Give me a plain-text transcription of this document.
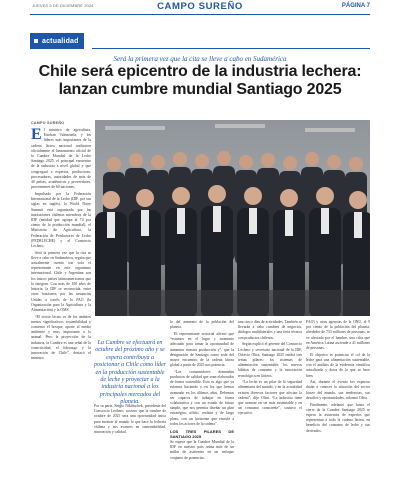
JUEVES 5 DE DICIEMBRE 2024	CAMPO SUREÑO	PÁGINA 7
actualidad
Será la primera vez que la cita se lleve a cabo en Sudamérica
Chile será epicentro de la industria lechera:
lanzan cumbre mundial Santiago 2025
CAMPO SUREÑO

El ministro de agricultura, Esteban Valenzuela, y los líderes más importantes de la cadena láctea nacional realizaron oficialmente el lanzamiento oficial de la Cumbre Mundial de la Leche Santiago 2025, el principal encuentro de la industria a nivel global y que congregará a expertos, productores, procesadores, autoridades de más de 40 países, académicos y proveedores, provenientes de 60 naciones.

Impulsado por la Federación Internacional de la Leche (IDF, por sus siglas en inglés), la World Dairy Summit está organizada por las instituciones chilenas miembros de la IDF (entidad que agrupa al 74 por ciento de la producción mundial), el Ministerio de Agricultura, la Federación de Productores de Leche (FEDELECHE) y el Consorcio Lechero.

Será la primera vez que la cita se lleve a cabo en Sudamérica, región que actualmente cuenta con solo el representante en este organismo internacional. Chile y Argentina son los únicos países latinoamericanos que la integran. Con más de 100 años de historia, la IDF se reconocida, entre otras funciones, por las instancias Unidas a través de la FAO (la Organización para la Agricultura y la Alimentación) y la OMS.

“El sector lácteo es de los ámbitos menos significativos sostenibilidad y consenso el bosque, aporte al medio ambiente y muy importante a lo animal. Pero la proyección de la industria, la Cumbre es una señal de la conectividad, el liderazgo y la innovación de Chile”, destacó el ministro.

La Cumbre se efectuará en octubre del próximo año y se espera contribuya a posicionar a Chile como líder en la producción sustentable de leche y proyectar a la industria nacional a los principales mercados del planeta.

Por su parte, Sergio Niklitschek, presidente del Consorcio Lechero, sostuvo que la cumbre de octubre de 2025 sera una oportunidad única para mostrar al mundo lo que hace la lechería chilena y sus avances en sustentabilidad, innovación y calidad.

lo del aumento de la población del planeta.

El representante sectorial afirmó que “estamos en el lugar y momento adecuado para tomar la oportunidad de aumentar nuestra producción y”, que la designación de Santiago como sede del mayor encuentro de la cadena láctea global a partir de 2025 nos potencia.

“Los consumidores demandan productos de calidad que sean elaborados de forma sostenible. Esta es algo que ya estamos haciendo y en los que hemos avanzado en los últimos años. Debemos ser capaces de trabajar en forma colaborativa y con un estado de futuro simple, que nos permita diseñar un plan estratégico sólido, realista y de largo plazo, con un horizonte que vincule a todos los actores de la cadena”.

LOS TRES PILARES DE SANTIAGO 2025

Se espera que la Cumbre Mundial de la IDF en nuestro país reúna más de un millar de asistentes en un enfoque conjunto de ponencias.

una cinco días de actividades. También se llevarán a cabo cumbres de negocios, diálogos multilaterales y una feria técnica con productos chilenos.

Según explicó el gerente del Consorcio Lechero y secretario nacional de la IDF, Octavio Oltra, Santiago 2025 tendrá tres temas pilares: los sistemas de alimentación sustentable, los nuevos hábitos de consumo y la innovación tecnológica en lácteos.

“La leche es un pilar de la seguridad alimentaria del mundo, y en la actualidad existen diversos factores que afectan la cadena”, dijo Oltra. “La industria tiene que avanzar en ser más sustentable y en un consumo consciente”, sostuvo el ejecutivo.

FAO) y otras agencias de la ONU, el 9 por ciento de la población del planeta, alrededor de 733 millones de personas, se ve afectada por el hambre, una cifra que en América Latina asciende a 41 millones de personas.

El objetivo es potenciar el rol de la leche para una alimentación sustentable, con el análisis de la evidencia científica actualizada y datos de lo que se hace bien.

Así, durante el evento los expertos darán a conocer la situación del sector lácteo del mundo, sus tendencias, sus desafíos y oportunidades, informó Oltra.

Finalmente, adelantó que hasta el cierre de la Cumbre Santiago 2025 se espera la asistencia de expertos que representan a toda la cadena láctea, en beneficio del consumo de leche y sus derivados.
